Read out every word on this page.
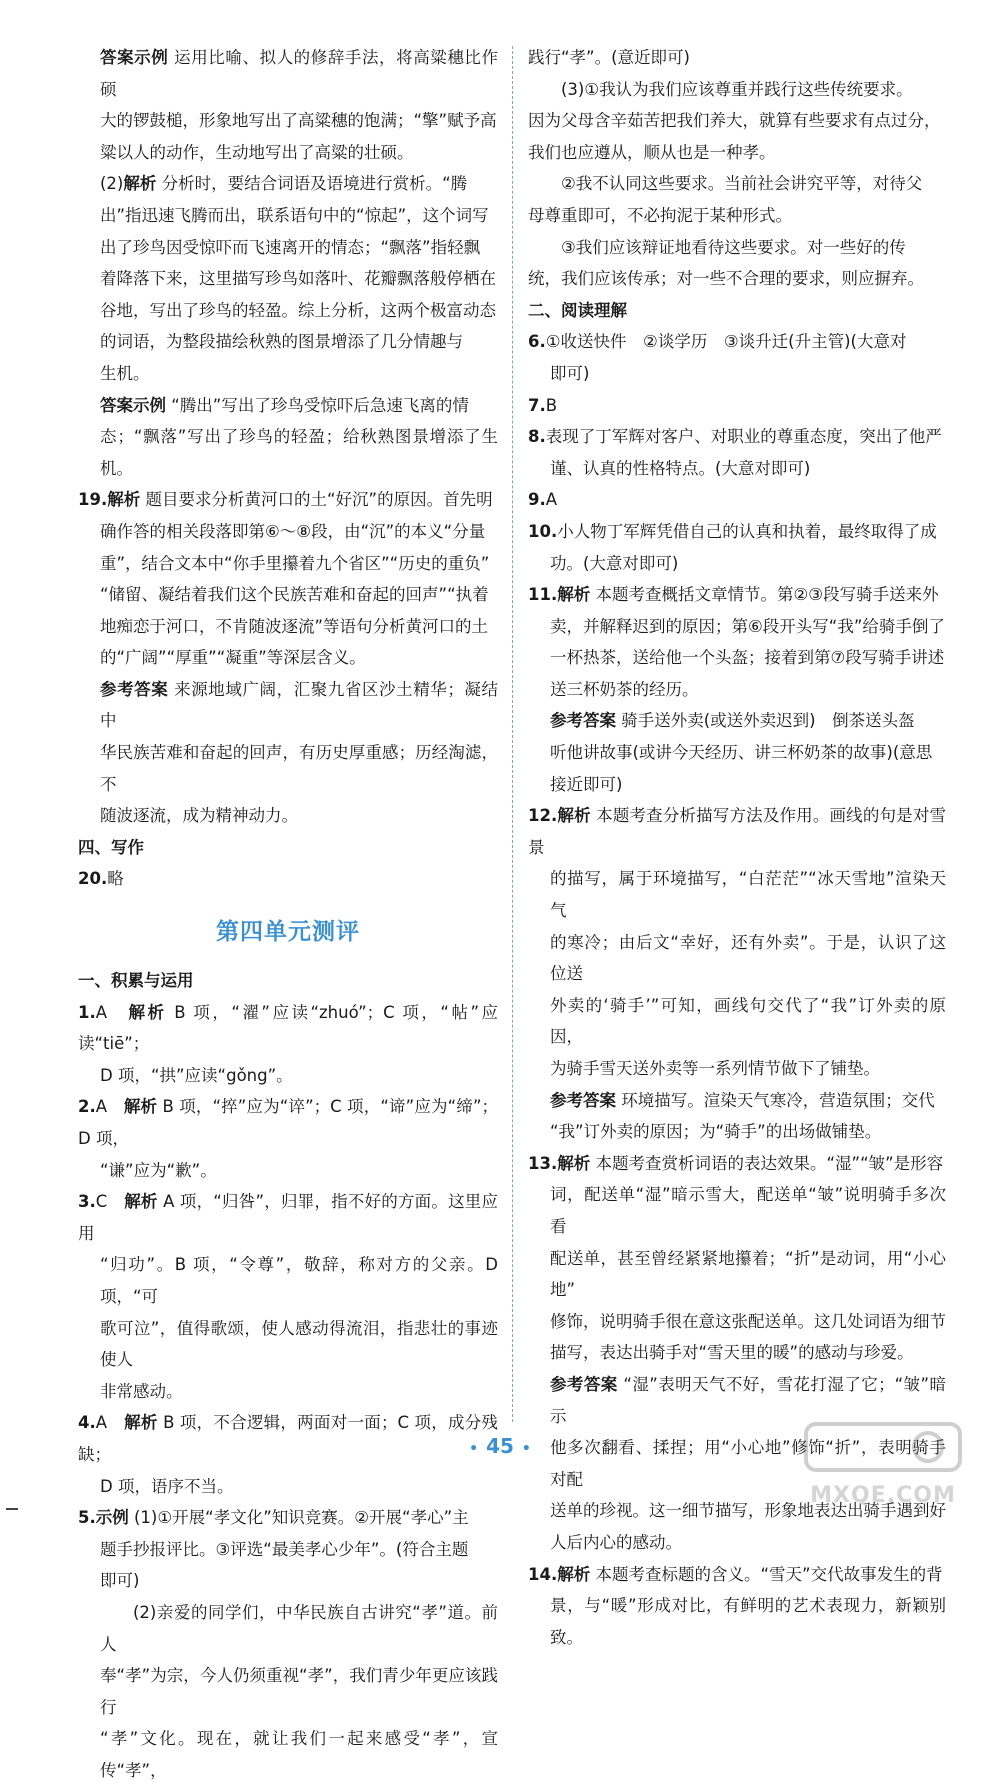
答案示例 运用比喻、拟人的修辞手法，将高粱穗比作硕
大的锣鼓槌，形象地写出了高粱穗的饱满；“擎”赋予高
粱以人的动作，生动地写出了高粱的壮硕。

(2)解析 分析时，要结合词语及语境进行赏析。“腾
出”指迅速飞腾而出，联系语句中的“惊起”，这个词写
出了珍鸟因受惊吓而飞速离开的情态；“飘落”指轻飘
着降落下来，这里描写珍鸟如落叶、花瓣飘落般停栖在
谷地，写出了珍鸟的轻盈。综上分析，这两个极富动态
的词语，为整段描绘秋熟的图景增添了几分情趣与
生机。

答案示例 “腾出”写出了珍鸟受惊吓后急速飞离的情
态；“飘落”写出了珍鸟的轻盈；给秋熟图景增添了生机。

19.解析 题目要求分析黄河口的土“好沉”的原因。首先明

确作答的相关段落即第⑥～⑧段，由“沉”的本义“分量
重”，结合文本中“你手里攥着九个省区”“历史的重负”
“储留、凝结着我们这个民族苦难和奋起的回声”“执着
地痴恋于河口，不肯随波逐流”等语句分析黄河口的土
的“广阔”“厚重”“凝重”等深层含义。

参考答案 来源地域广阔，汇聚九省区沙土精华；凝结中
华民族苦难和奋起的回声，有历史厚重感；历经淘滤，不
随波逐流，成为精神动力。

四、写作

20.略

第四单元测评

一、积累与运用

1.A　 解析 B 项，“濯”应读“zhuó”；C 项，“帖”应读“tiē”；

D 项，“拱”应读“gǒng”。

2.A　 解析 B 项，“捽”应为“谇”；C 项，“谛”应为“缔”；D 项，

“谦”应为“歉”。

3.C　 解析 A 项，“归咎”，归罪，指不好的方面。这里应用

“归功”。B 项，“令尊”，敬辞，称对方的父亲。D 项，“可
歌可泣”，值得歌颂，使人感动得流泪，指悲壮的事迹使人
非常感动。

4.A　 解析 B 项，不合逻辑，两面对一面；C 项，成分残缺；

D 项，语序不当。

5.示例 (1)①开展“孝文化”知识竞赛。②开展“孝心”主

题手抄报评比。③评选“最美孝心少年”。(符合主题
即可)

(2)亲爱的同学们，中华民族自古讲究“孝”道。前人

奉“孝”为宗，今人仍须重视“孝”，我们青少年更应该践行
“孝”文化。现在，就让我们一起来感受“孝”，宣传“孝”，

践行“孝”。(意近即可)

(3)①我认为我们应该尊重并践行这些传统要求。

因为父母含辛茹苦把我们养大，就算有些要求有点过分，
我们也应遵从，顺从也是一种孝。

②我不认同这些要求。当前社会讲究平等，对待父

母尊重即可，不必拘泥于某种形式。

③我们应该辩证地看待这些要求。对一些好的传

统，我们应该传承；对一些不合理的要求，则应摒弃。

二、阅读理解

6.①收送快件　②谈学历　③谈升迁(升主管)(大意对

即可)

7.B

8.表现了丁军辉对客户、对职业的尊重态度，突出了他严

谨、认真的性格特点。(大意对即可)

9.A

10.小人物丁军辉凭借自己的认真和执着，最终取得了成

功。(大意对即可)

11.解析 本题考查概括文章情节。第②③段写骑手送来外

卖，并解释迟到的原因；第⑥段开头写“我”给骑手倒了
一杯热茶，送给他一个头盔；接着到第⑦段写骑手讲述
送三杯奶茶的经历。

参考答案 骑手送外卖(或送外卖迟到)　倒茶送头盔
听他讲故事(或讲今天经历、讲三杯奶茶的故事)(意思
接近即可)

12.解析 本题考查分析描写方法及作用。画线的句是对雪景

的描写，属于环境描写，“白茫茫”“冰天雪地”渲染天气
的寒冷；由后文“幸好，还有外卖”。于是，认识了这位送
外卖的‘骑手’”可知，画线句交代了“我”订外卖的原因，
为骑手雪天送外卖等一系列情节做下了铺垫。

参考答案 环境描写。渲染天气寒冷，营造氛围；交代
“我”订外卖的原因；为“骑手”的出场做铺垫。

13.解析 本题考查赏析词语的表达效果。“湿”“皱”是形容

词，配送单“湿”暗示雪大，配送单“皱”说明骑手多次看
配送单，甚至曾经紧紧地攥着；“折”是动词，用“小心地”
修饰，说明骑手很在意这张配送单。这几处词语为细节
描写，表达出骑手对“雪天里的暖”的感动与珍爱。

参考答案 “湿”表明天气不好，雪花打湿了它；“皱”暗示
他多次翻看、揉捏；用“小心地”修饰“折”，表明骑手对配
送单的珍视。这一细节描写，形象地表达出骑手遇到好
人后内心的感动。

14.解析 本题考查标题的含义。“雪天”交代故事发生的背

景，与“暖”形成对比，有鲜明的艺术表现力，新颖别致。

• 45 •
MXQE.COM
